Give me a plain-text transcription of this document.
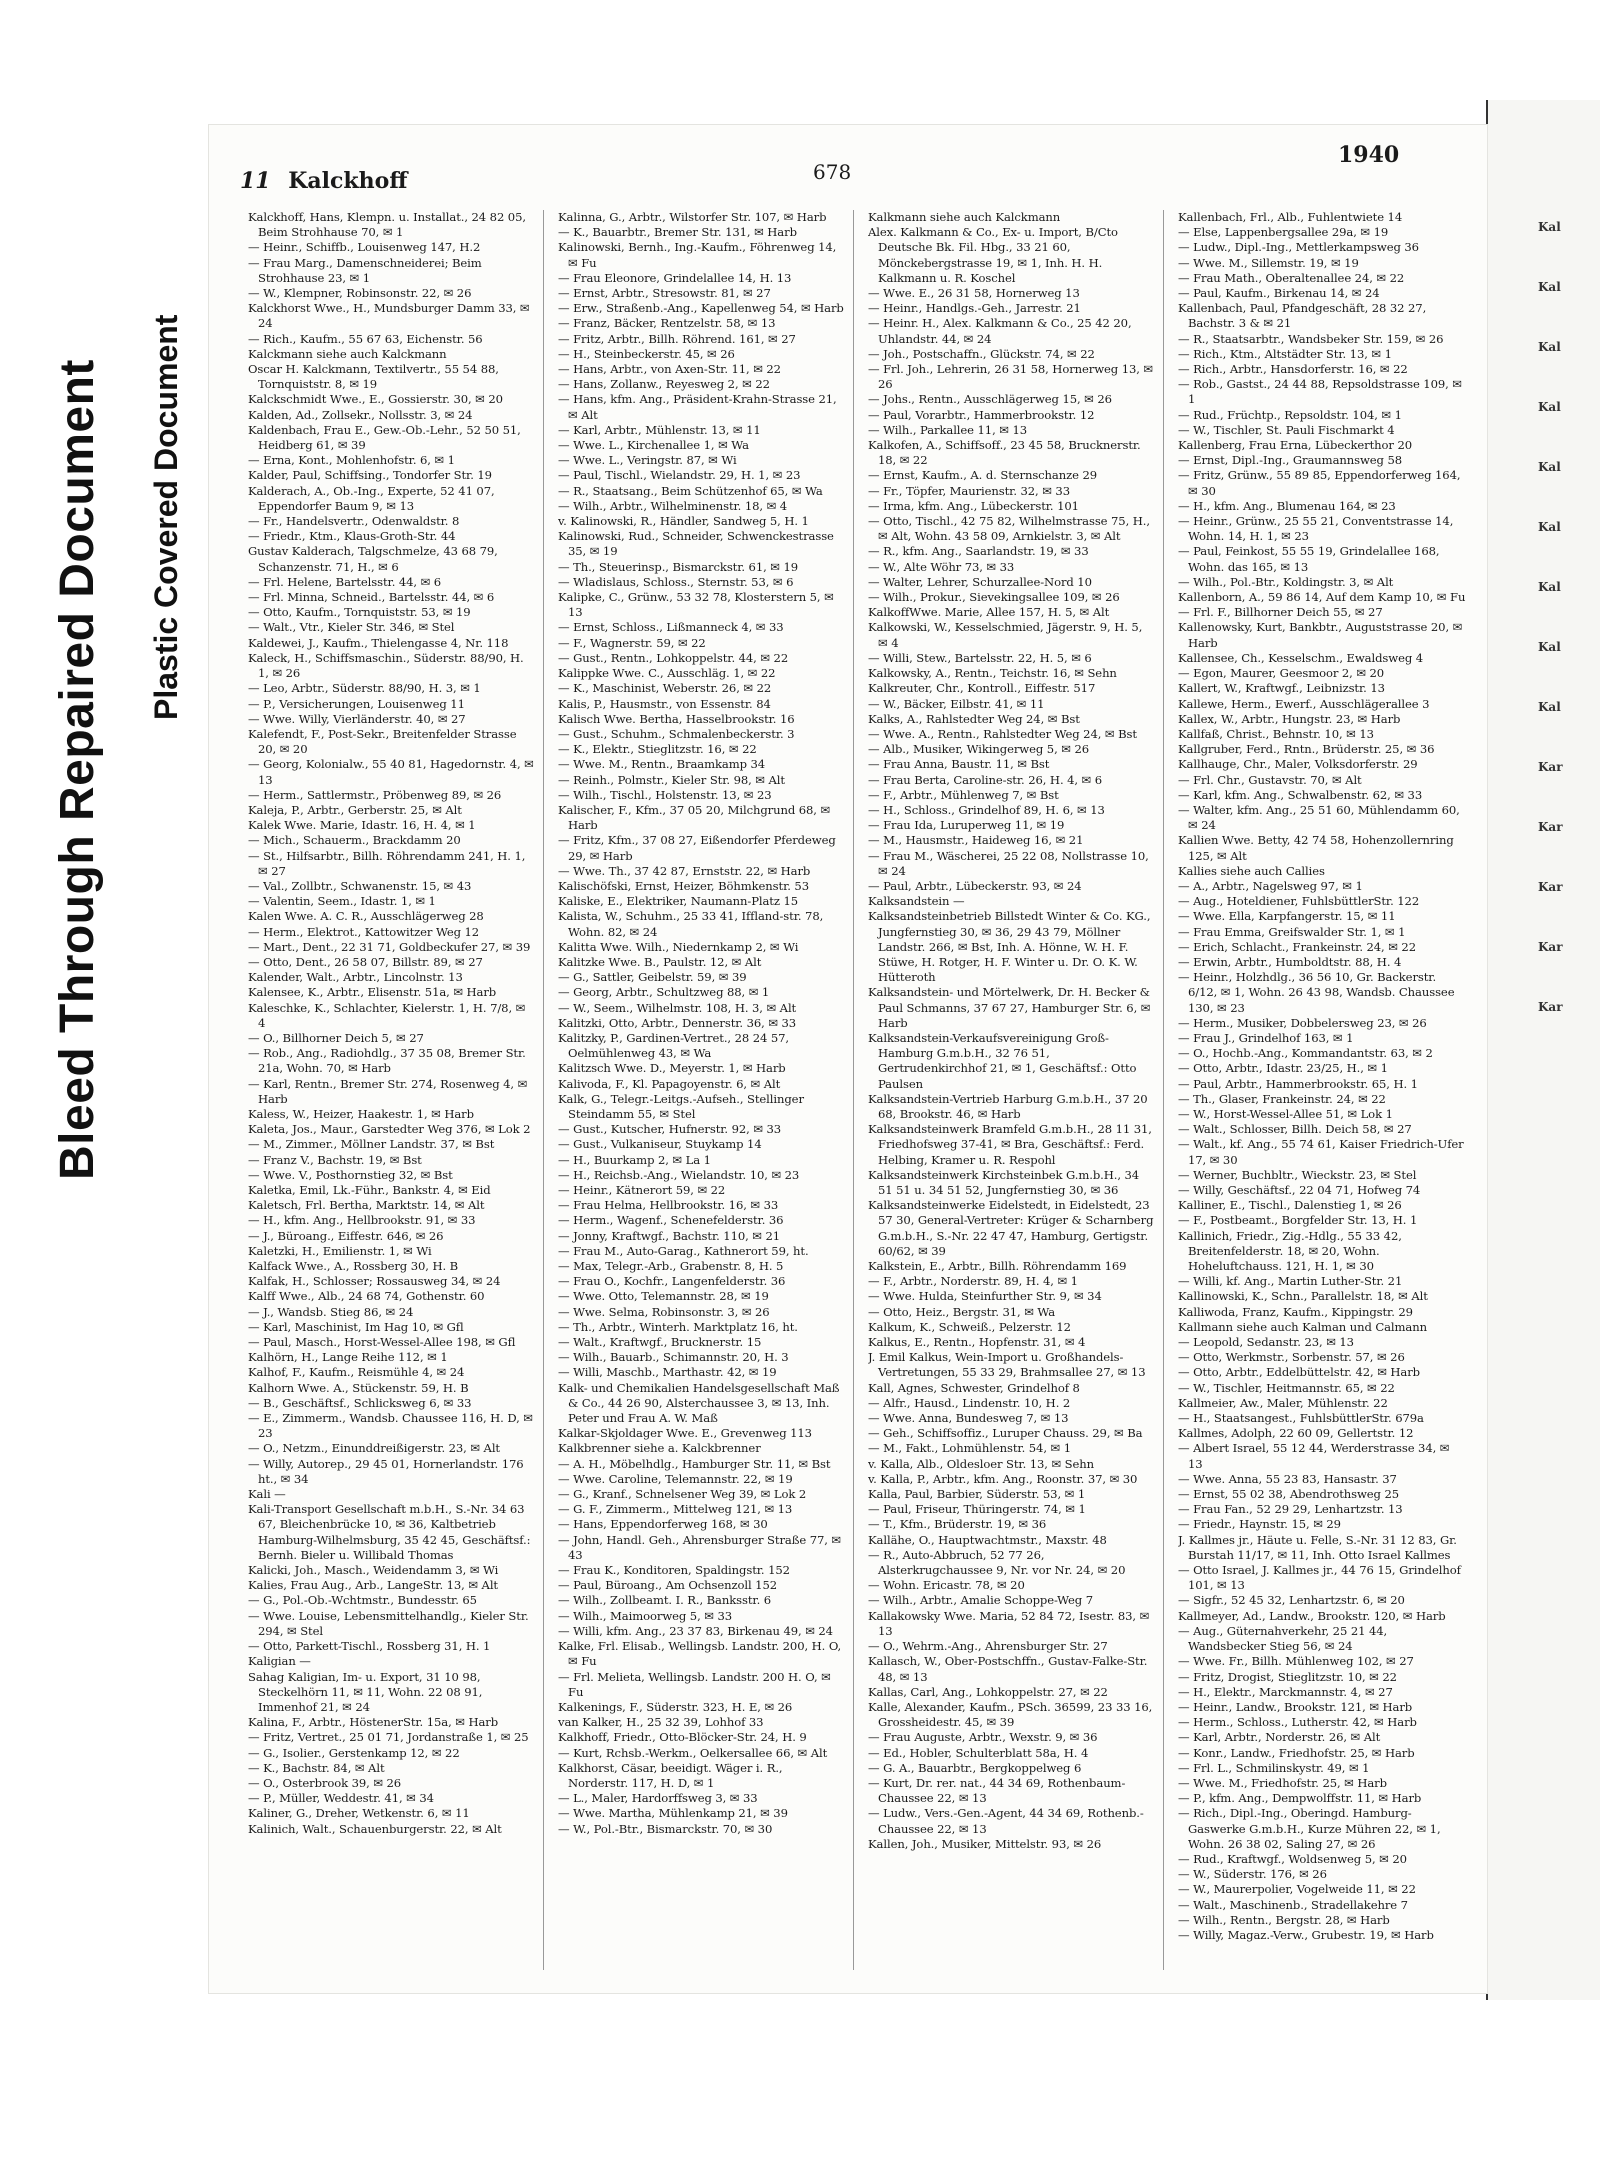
Bleed Through Repaired Document Plastic Covered Document
Kal
Kal
Kal
Kal
Kal
Kal
Kal
Kal
Kal
Kar
Kar
Kar
Kar
Kar
11 Kalckhoff	678
1940

Kalckhoff, Hans, Klempn. u. Installat., 24 82 05, Beim Strohhause 70, ✉ 1

— Heinr., Schiffb., Louisenweg 147, H.2

— Frau Marg., Damenschneiderei; Beim Strohhause 23, ✉ 1

— W., Klempner, Robinsonstr. 22, ✉ 26

Kalckhorst Wwe., H., Mundsburger Damm 33, ✉ 24

— Rich., Kaufm., 55 67 63, Eichenstr. 56

Kalckmann siehe auch Kalckmann

Oscar H. Kalckmann, Textilvertr., 55 54 88, Tornquiststr. 8, ✉ 19

Kalckschmidt Wwe., E., Gossierstr. 30, ✉ 20

Kalden, Ad., Zollsekr., Nollsstr. 3, ✉ 24

Kaldenbach, Frau E., Gew.-Ob.-Lehr., 52 50 51, Heidberg 61, ✉ 39

— Erna, Kont., Mohlenhofstr. 6, ✉ 1

Kalder, Paul, Schiffsing., Tondorfer Str. 19

Kalderach, A., Ob.-Ing., Experte, 52 41 07, Eppendorfer Baum 9, ✉ 13

— Fr., Handelsvertr., Odenwaldstr. 8

— Friedr., Ktm., Klaus-Groth-Str. 44

Gustav Kalderach, Talgschmelze, 43 68 79, Schanzenstr. 71, H., ✉ 6

— Frl. Helene, Bartelsstr. 44, ✉ 6

— Frl. Minna, Schneid., Bartelsstr. 44, ✉ 6

— Otto, Kaufm., Tornquiststr. 53, ✉ 19

— Walt., Vtr., Kieler Str. 346, ✉ Stel

Kaldewei, J., Kaufm., Thielengasse 4, Nr. 118

Kaleck, H., Schiffsmaschin., Süderstr. 88/90, H. 1, ✉ 26

— Leo, Arbtr., Süderstr. 88/90, H. 3, ✉ 1

— P., Versicherungen, Louisenweg 11

— Wwe. Willy, Vierländerstr. 40, ✉ 27

Kalefendt, F., Post-Sekr., Breitenfelder Strasse 20, ✉ 20

— Georg, Kolonialw., 55 40 81, Hagedornstr. 4, ✉ 13

— Herm., Sattlermstr., Pröbenweg 89, ✉ 26

Kaleja, P., Arbtr., Gerberstr. 25, ✉ Alt

Kalek Wwe. Marie, Idastr. 16, H. 4, ✉ 1

— Mich., Schauerm., Brackdamm 20

— St., Hilfsarbtr., Billh. Röhrendamm 241, H. 1, ✉ 27

— Val., Zollbtr., Schwanenstr. 15, ✉ 43

— Valentin, Seem., Idastr. 1, ✉ 1

Kalen Wwe. A. C. R., Ausschlägerweg 28

— Herm., Elektrot., Kattowitzer Weg 12

— Mart., Dent., 22 31 71, Goldbeckufer 27, ✉ 39

— Otto, Dent., 26 58 07, Billstr. 89, ✉ 27

Kalender, Walt., Arbtr., Lincolnstr. 13

Kalensee, K., Arbtr., Elisenstr. 51a, ✉ Harb

Kaleschke, K., Schlachter, Kielerstr. 1, H. 7/8, ✉ 4

— O., Billhorner Deich 5, ✉ 27

— Rob., Ang., Radiohdlg., 37 35 08, Bremer Str. 21a, Wohn. 70, ✉ Harb

— Karl, Rentn., Bremer Str. 274, Rosenweg 4, ✉ Harb

Kaless, W., Heizer, Haakestr. 1, ✉ Harb

Kaleta, Jos., Maur., Garstedter Weg 376, ✉ Lok 2

— M., Zimmer., Möllner Landstr. 37, ✉ Bst

— Franz V., Bachstr. 19, ✉ Bst

— Wwe. V., Posthornstieg 32, ✉ Bst

Kaletka, Emil, Lk.-Führ., Bankstr. 4, ✉ Eid

Kaletsch, Frl. Bertha, Marktstr. 14, ✉ Alt

— H., kfm. Ang., Hellbrookstr. 91, ✉ 33

— J., Büroang., Eiffestr. 646, ✉ 26

Kaletzki, H., Emilienstr. 1, ✉ Wi

Kalfack Wwe., A., Rossberg 30, H. B

Kalfak, H., Schlosser; Rossausweg 34, ✉ 24

Kalff Wwe., Alb., 24 68 74, Gothenstr. 60

— J., Wandsb. Stieg 86, ✉ 24

— Karl, Maschinist, Im Hag 10, ✉ Gfl

— Paul, Masch., Horst-Wessel-Allee 198, ✉ Gfl

Kalhörn, H., Lange Reihe 112, ✉ 1

Kalhof, F., Kaufm., Reismühle 4, ✉ 24

Kalhorn Wwe. A., Stückenstr. 59, H. B

— B., Geschäftsf., Schlicksweg 6, ✉ 33

— E., Zimmerm., Wandsb. Chaussee 116, H. D, ✉ 23

— O., Netzm., Einunddreißigerstr. 23, ✉ Alt

— Willy, Autorep., 29 45 01, Hornerlandstr. 176 ht., ✉ 34

Kali —

Kali-Transport Gesellschaft m.b.H., S.-Nr. 34 63 67, Bleichenbrücke 10, ✉ 36, Kaltbetrieb Hamburg-Wilhelmsburg, 35 42 45, Geschäftsf.: Bernh. Bieler u. Willibald Thomas

Kalicki, Joh., Masch., Weidendamm 3, ✉ Wi

Kalies, Frau Aug., Arb., LangeStr. 13, ✉ Alt

— G., Pol.-Ob.-Wchtmstr., Bundesstr. 65

— Wwe. Louise, Lebensmittelhandlg., Kieler Str. 294, ✉ Stel

— Otto, Parkett-Tischl., Rossberg 31, H. 1

Kaligian —

Sahag Kaligian, Im- u. Export, 31 10 98, Steckelhörn 11, ✉ 11, Wohn. 22 08 91, Immenhof 21, ✉ 24

Kalina, F., Arbtr., HöstenerStr. 15a, ✉ Harb

— Fritz, Vertret., 25 01 71, Jordanstraße 1, ✉ 25

— G., Isolier., Gerstenkamp 12, ✉ 22

— K., Bachstr. 84, ✉ Alt

— O., Osterbrook 39, ✉ 26

— P., Müller, Weddestr. 41, ✉ 34

Kaliner, G., Dreher, Wetkenstr. 6, ✉ 11

Kalinich, Walt., Schauenburgerstr. 22, ✉ Alt

Kalinna, G., Arbtr., Wilstorfer Str. 107, ✉ Harb

— K., Bauarbtr., Bremer Str. 131, ✉ Harb

Kalinowski, Bernh., Ing.-Kaufm., Föhrenweg 14, ✉ Fu

— Frau Eleonore, Grindelallee 14, H. 13

— Ernst, Arbtr., Stresowstr. 81, ✉ 27

— Erw., Straßenb.-Ang., Kapellenweg 54, ✉ Harb

— Franz, Bäcker, Rentzelstr. 58, ✉ 13

— Fritz, Arbtr., Billh. Röhrend. 161, ✉ 27

— H., Steinbeckerstr. 45, ✉ 26

— Hans, Arbtr., von Axen-Str. 11, ✉ 22

— Hans, Zollanw., Reyesweg 2, ✉ 22

— Hans, kfm. Ang., Präsident-Krahn-Strasse 21, ✉ Alt

— Karl, Arbtr., Mühlenstr. 13, ✉ 11

— Wwe. L., Kirchenallee 1, ✉ Wa

— Wwe. L., Veringstr. 87, ✉ Wi

— Paul, Tischl., Wielandstr. 29, H. 1, ✉ 23

— R., Staatsang., Beim Schützenhof 65, ✉ Wa

— Wilh., Arbtr., Wilhelminenstr. 18, ✉ 4

v. Kalinowski, R., Händler, Sandweg 5, H. 1

Kalinowski, Rud., Schneider, Schwenckestrasse 35, ✉ 19

— Th., Steuerinsp., Bismarckstr. 61, ✉ 19

— Wladislaus, Schloss., Sternstr. 53, ✉ 6

Kalipke, C., Grünw., 53 32 78, Klosterstern 5, ✉ 13

— Ernst, Schloss., Lißmanneck 4, ✉ 33

— F., Wagnerstr. 59, ✉ 22

— Gust., Rentn., Lohkoppelstr. 44, ✉ 22

Kalippke Wwe. C., Ausschläg. 1, ✉ 22

— K., Maschinist, Weberstr. 26, ✉ 22

Kalis, P., Hausmstr., von Essenstr. 84

Kalisch Wwe. Bertha, Hasselbrookstr. 16

— Gust., Schuhm., Schmalenbeckerstr. 3

— K., Elektr., Stieglitzstr. 16, ✉ 22

— Wwe. M., Rentn., Braamkamp 34

— Reinh., Polmstr., Kieler Str. 98, ✉ Alt

— Wilh., Tischl., Holstenstr. 13, ✉ 23

Kalischer, F., Kfm., 37 05 20, Milchgrund 68, ✉ Harb

— Fritz, Kfm., 37 08 27, Eißendorfer Pferdeweg 29, ✉ Harb

— Wwe. Th., 37 42 87, Ernststr. 22, ✉ Harb

Kalischöfski, Ernst, Heizer, Böhmkenstr. 53

Kaliske, E., Elektriker, Naumann-Platz 15

Kalista, W., Schuhm., 25 33 41, Iffland-str. 78, Wohn. 82, ✉ 24

Kalitta Wwe. Wilh., Niedernkamp 2, ✉ Wi

Kalitzke Wwe. B., Paulstr. 12, ✉ Alt

— G., Sattler, Geibelstr. 59, ✉ 39

— Georg, Arbtr., Schultzweg 88, ✉ 1

— W., Seem., Wilhelmstr. 108, H. 3, ✉ Alt

Kalitzki, Otto, Arbtr., Dennerstr. 36, ✉ 33

Kalitzky, P., Gardinen-Vertret., 28 24 57, Oelmühlenweg 43, ✉ Wa

Kalitzsch Wwe. D., Meyerstr. 1, ✉ Harb

Kalivoda, F., Kl. Papagoyenstr. 6, ✉ Alt

Kalk, G., Telegr.-Leitgs.-Aufseh., Stellinger Steindamm 55, ✉ Stel

— Gust., Kutscher, Hufnerstr. 92, ✉ 33

— Gust., Vulkaniseur, Stuykamp 14

— H., Buurkamp 2, ✉ La 1

— H., Reichsb.-Ang., Wielandstr. 10, ✉ 23

— Heinr., Kätnerort 59, ✉ 22

— Frau Helma, Hellbrookstr. 16, ✉ 33

— Herm., Wagenf., Schenefelderstr. 36

— Jonny, Kraftwgf., Bachstr. 110, ✉ 21

— Frau M., Auto-Garag., Kathnerort 59, ht.

— Max, Telegr.-Arb., Grabenstr. 8, H. 5

— Frau O., Kochfr., Langenfelderstr. 36

— Wwe. Otto, Telemannstr. 28, ✉ 19

— Wwe. Selma, Robinsonstr. 3, ✉ 26

— Th., Arbtr., Winterh. Marktplatz 16, ht.

— Walt., Kraftwgf., Brucknerstr. 15

— Wilh., Bauarb., Schimannstr. 20, H. 3

— Willi, Maschb., Marthastr. 42, ✉ 19

Kalk- und Chemikalien Handelsgesellschaft Maß & Co., 44 26 90, Alsterchaussee 3, ✉ 13, Inh. Peter und Frau A. W. Maß

Kalkar-Skjoldager Wwe. E., Grevenweg 113

Kalkbrenner siehe a. Kalckbrenner

— A. H., Möbelhdlg., Hamburger Str. 11, ✉ Bst

— Wwe. Caroline, Telemannstr. 22, ✉ 19

— G., Kranf., Schnelsener Weg 39, ✉ Lok 2

— G. F., Zimmerm., Mittelweg 121, ✉ 13

— Hans, Eppendorferweg 168, ✉ 30

— John, Handl. Geh., Ahrensburger Straße 77, ✉ 43

— Frau K., Konditoren, Spaldingstr. 152

— Paul, Büroang., Am Ochsenzoll 152

— Wilh., Zollbeamt. I. R., Banksstr. 6

— Wilh., Maimoorweg 5, ✉ 33

— Willi, kfm. Ang., 23 37 83, Birkenau 49, ✉ 24

Kalke, Frl. Elisab., Wellingsb. Landstr. 200, H. O, ✉ Fu

— Frl. Melieta, Wellingsb. Landstr. 200 H. O, ✉ Fu

Kalkenings, F., Süderstr. 323, H. E, ✉ 26

van Kalker, H., 25 32 39, Lohhof 33

Kalkhoff, Friedr., Otto-Blöcker-Str. 24, H. 9

— Kurt, Rchsb.-Werkm., Oelkersallee 66, ✉ Alt

Kalkhorst, Cäsar, beeidigt. Wäger i. R., Norderstr. 117, H. D, ✉ 1

— L., Maler, Hardorffsweg 3, ✉ 33

— Wwe. Martha, Mühlenkamp 21, ✉ 39

— W., Pol.-Btr., Bismarckstr. 70, ✉ 30

Kalkmann siehe auch Kalckmann

Alex. Kalkmann & Co., Ex- u. Import, B/Cto Deutsche Bk. Fil. Hbg., 33 21 60, Mönckebergstrasse 19, ✉ 1, Inh. H. H. Kalkmann u. R. Koschel

— Wwe. E., 26 31 58, Hornerweg 13

— Heinr., Handlgs.-Geh., Jarrestr. 21

— Heinr. H., Alex. Kalkmann & Co., 25 42 20, Uhlandstr. 44, ✉ 24

— Joh., Postschaffn., Glückstr. 74, ✉ 22

— Frl. Joh., Lehrerin, 26 31 58, Hornerweg 13, ✉ 26

— Johs., Rentn., Ausschlägerweg 15, ✉ 26

— Paul, Vorarbtr., Hammerbrookstr. 12

— Wilh., Parkallee 11, ✉ 13

Kalkofen, A., Schiffsoff., 23 45 58, Brucknerstr. 18, ✉ 22

— Ernst, Kaufm., A. d. Sternschanze 29

— Fr., Töpfer, Maurienstr. 32, ✉ 33

— Irma, kfm. Ang., Lübeckerstr. 101

— Otto, Tischl., 42 75 82, Wilhelmstrasse 75, H., ✉ Alt, Wohn. 43 58 09, Arnkielstr. 3, ✉ Alt

— R., kfm. Ang., Saarlandstr. 19, ✉ 33

— W., Alte Wöhr 73, ✉ 33

— Walter, Lehrer, Schurzallee-Nord 10

— Wilh., Prokur., Sievekingsallee 109, ✉ 26

KalkoffWwe. Marie, Allee 157, H. 5, ✉ Alt

Kalkowski, W., Kesselschmied, Jägerstr. 9, H. 5, ✉ 4

— Willi, Stew., Bartelsstr. 22, H. 5, ✉ 6

Kalkowsky, A., Rentn., Teichstr. 16, ✉ Sehn

Kalkreuter, Chr., Kontroll., Eiffestr. 517

— W., Bäcker, Eilbstr. 41, ✉ 11

Kalks, A., Rahlstedter Weg 24, ✉ Bst

— Wwe. A., Rentn., Rahlstedter Weg 24, ✉ Bst

— Alb., Musiker, Wikingerweg 5, ✉ 26

— Frau Anna, Baustr. 11, ✉ Bst

— Frau Berta, Caroline-str. 26, H. 4, ✉ 6

— F., Arbtr., Mühlenweg 7, ✉ Bst

— H., Schloss., Grindelhof 89, H. 6, ✉ 13

— Frau Ida, Luruperweg 11, ✉ 19

— M., Hausmstr., Haideweg 16, ✉ 21

— Frau M., Wäscherei, 25 22 08, Nollstrasse 10, ✉ 24

— Paul, Arbtr., Lübeckerstr. 93, ✉ 24

Kalksandstein —

Kalksandsteinbetrieb Billstedt Winter & Co. KG., Jungfernstieg 30, ✉ 36, 29 43 79, Möllner Landstr. 266, ✉ Bst, Inh. A. Hönne, W. H. F. Stüwe, H. Rotger, H. F. Winter u. Dr. O. K. W. Hütteroth

Kalksandstein- und Mörtelwerk, Dr. H. Becker & Paul Schmanns, 37 67 27, Hamburger Str. 6, ✉ Harb

Kalksandstein-Verkaufsvereinigung Groß-Hamburg G.m.b.H., 32 76 51, Gertrudenkirchhof 21, ✉ 1, Geschäftsf.: Otto Paulsen

Kalksandstein-Vertrieb Harburg G.m.b.H., 37 20 68, Brookstr. 46, ✉ Harb

Kalksandsteinwerk Bramfeld G.m.b.H., 28 11 31, Friedhofsweg 37-41, ✉ Bra, Geschäftsf.: Ferd. Helbing, Kramer u. R. Respohl

Kalksandsteinwerk Kirchsteinbek G.m.b.H., 34 51 51 u. 34 51 52, Jungfernstieg 30, ✉ 36

Kalksandsteinwerke Eidelstedt, in Eidelstedt, 23 57 30, General-Vertreter: Krüger & Scharnberg G.m.b.H., S.-Nr. 22 47 47, Hamburg, Gertigstr. 60/62, ✉ 39

Kalkstein, E., Arbtr., Billh. Röhrendamm 169

— F., Arbtr., Norderstr. 89, H. 4, ✉ 1

— Wwe. Hulda, Steinfurther Str. 9, ✉ 34

— Otto, Heiz., Bergstr. 31, ✉ Wa

Kalkum, K., Schweiß., Pelzerstr. 12

Kalkus, E., Rentn., Hopfenstr. 31, ✉ 4

J. Emil Kalkus, Wein-Import u. Großhandels-Vertretungen, 55 33 29, Brahmsallee 27, ✉ 13

Kall, Agnes, Schwester, Grindelhof 8

— Alfr., Hausd., Lindenstr. 10, H. 2

— Wwe. Anna, Bundesweg 7, ✉ 13

— Geh., Schiffsoffiz., Luruper Chauss. 29, ✉ Ba

— M., Fakt., Lohmühlenstr. 54, ✉ 1

v. Kalla, Alb., Oldesloer Str. 13, ✉ Sehn

v. Kalla, P., Arbtr., kfm. Ang., Roonstr. 37, ✉ 30

Kalla, Paul, Barbier, Süderstr. 53, ✉ 1

— Paul, Friseur, Thüringerstr. 74, ✉ 1

— T., Kfm., Brüderstr. 19, ✉ 36

Kallähe, O., Hauptwachtmstr., Maxstr. 48

— R., Auto-Abbruch, 52 77 26, Alsterkrugchaussee 9, Nr. vor Nr. 24, ✉ 20

— Wohn. Ericastr. 78, ✉ 20

— Wilh., Arbtr., Amalie Schoppe-Weg 7

Kallakowsky Wwe. Maria, 52 84 72, Isestr. 83, ✉ 13

— O., Wehrm.-Ang., Ahrensburger Str. 27

Kallasch, W., Ober-Postschffn., Gustav-Falke-Str. 48, ✉ 13

Kallas, Carl, Ang., Lohkoppelstr. 27, ✉ 22

Kalle, Alexander, Kaufm., PSch. 36599, 23 33 16, Grossheidestr. 45, ✉ 39

— Frau Auguste, Arbtr., Wexstr. 9, ✉ 36

— Ed., Hobler, Schulterblatt 58a, H. 4

— G. A., Bauarbtr., Bergkoppelweg 6

— Kurt, Dr. rer. nat., 44 34 69, Rothenbaum-Chaussee 22, ✉ 13

— Ludw., Vers.-Gen.-Agent, 44 34 69, Rothenb.-Chaussee 22, ✉ 13

Kallen, Joh., Musiker, Mittelstr. 93, ✉ 26

Kallenbach, Frl., Alb., Fuhlentwiete 14

— Else, Lappenbergsallee 29a, ✉ 19

— Ludw., Dipl.-Ing., Mettlerkampsweg 36

— Wwe. M., Sillemstr. 19, ✉ 19

— Frau Math., Oberaltenallee 24, ✉ 22

— Paul, Kaufm., Birkenau 14, ✉ 24

Kallenbach, Paul, Pfandgeschäft, 28 32 27, Bachstr. 3 & ✉ 21

— R., Staatsarbtr., Wandsbeker Str. 159, ✉ 26

— Rich., Ktm., Altstädter Str. 13, ✉ 1

— Rich., Arbtr., Hansdorferstr. 16, ✉ 22

— Rob., Gastst., 24 44 88, Repsoldstrasse 109, ✉ 1

— Rud., Früchtp., Repsoldstr. 104, ✉ 1

— W., Tischler, St. Pauli Fischmarkt 4

Kallenberg, Frau Erna, Lübeckerthor 20

— Ernst, Dipl.-Ing., Graumannsweg 58

— Fritz, Grünw., 55 89 85, Eppendorferweg 164, ✉ 30

— H., kfm. Ang., Blumenau 164, ✉ 23

— Heinr., Grünw., 25 55 21, Conventstrasse 14, Wohn. 14, H. 1, ✉ 23

— Paul, Feinkost, 55 55 19, Grindelallee 168, Wohn. das 165, ✉ 13

— Wilh., Pol.-Btr., Koldingstr. 3, ✉ Alt

Kallenborn, A., 59 86 14, Auf dem Kamp 10, ✉ Fu

— Frl. F., Billhorner Deich 55, ✉ 27

Kallenowsky, Kurt, Bankbtr., Auguststrasse 20, ✉ Harb

Kallensee, Ch., Kesselschm., Ewaldsweg 4

— Egon, Maurer, Geesmoor 2, ✉ 20

Kallert, W., Kraftwgf., Leibnizstr. 13

Kallewe, Herm., Ewerf., Ausschlägerallee 3

Kallex, W., Arbtr., Hungstr. 23, ✉ Harb

Kallfaß, Christ., Behnstr. 10, ✉ 13

Kallgruber, Ferd., Rntn., Brüderstr. 25, ✉ 36

Kallhauge, Chr., Maler, Volksdorferstr. 29

— Frl. Chr., Gustavstr. 70, ✉ Alt

— Karl, kfm. Ang., Schwalbenstr. 62, ✉ 33

— Walter, kfm. Ang., 25 51 60, Mühlendamm 60, ✉ 24

Kallien Wwe. Betty, 42 74 58, Hohenzollernring 125, ✉ Alt

Kallies siehe auch Callies

— A., Arbtr., Nagelsweg 97, ✉ 1

— Aug., Hoteldiener, FuhlsbüttlerStr. 122

— Wwe. Ella, Karpfangerstr. 15, ✉ 11

— Frau Emma, Greifswalder Str. 1, ✉ 1

— Erich, Schlacht., Frankeinstr. 24, ✉ 22

— Erwin, Arbtr., Humboldtstr. 88, H. 4

— Heinr., Holzhdlg., 36 56 10, Gr. Backerstr. 6/12, ✉ 1, Wohn. 26 43 98, Wandsb. Chaussee 130, ✉ 23

— Herm., Musiker, Dobbelersweg 23, ✉ 26

— Frau J., Grindelhof 163, ✉ 1

— O., Hochb.-Ang., Kommandantstr. 63, ✉ 2

— Otto, Arbtr., Idastr. 23/25, H., ✉ 1

— Paul, Arbtr., Hammerbrookstr. 65, H. 1

— Th., Glaser, Frankeinstr. 24, ✉ 22

— W., Horst-Wessel-Allee 51, ✉ Lok 1

— Walt., Schlosser, Billh. Deich 58, ✉ 27

— Walt., kf. Ang., 55 74 61, Kaiser Friedrich-Ufer 17, ✉ 30

— Werner, Buchbltr., Wieckstr. 23, ✉ Stel

— Willy, Geschäftsf., 22 04 71, Hofweg 74

Kalliner, E., Tischl., Dalenstieg 1, ✉ 26

— F., Postbeamt., Borgfelder Str. 13, H. 1

Kallinich, Friedr., Zig.-Hdlg., 55 33 42, Breitenfelderstr. 18, ✉ 20, Wohn. Hoheluftchauss. 121, H. 1, ✉ 30

— Willi, kf. Ang., Martin Luther-Str. 21

Kallinowski, K., Schn., Parallelstr. 18, ✉ Alt

Kalliwoda, Franz, Kaufm., Kippingstr. 29

Kallmann siehe auch Kalman und Calmann

— Leopold, Sedanstr. 23, ✉ 13

— Otto, Werkmstr., Sorbenstr. 57, ✉ 26

— Otto, Arbtr., Eddelbüttelstr. 42, ✉ Harb

— W., Tischler, Heitmannstr. 65, ✉ 22

Kallmeier, Aw., Maler, Mühlenstr. 22

— H., Staatsangest., FuhlsbüttlerStr. 679a

Kallmes, Adolph, 22 60 09, Gellertstr. 12

— Albert Israel, 55 12 44, Werderstrasse 34, ✉ 13

— Wwe. Anna, 55 23 83, Hansastr. 37

— Ernst, 55 02 38, Abendrothsweg 25

— Frau Fan., 52 29 29, Lenhartzstr. 13

— Friedr., Haynstr. 15, ✉ 29

J. Kallmes jr., Häute u. Felle, S.-Nr. 31 12 83, Gr. Burstah 11/17, ✉ 11, Inh. Otto Israel Kallmes

— Otto Israel, J. Kallmes jr., 44 76 15, Grindelhof 101, ✉ 13

— Sigfr., 52 45 32, Lenhartzstr. 6, ✉ 20

Kallmeyer, Ad., Landw., Brookstr. 120, ✉ Harb

— Aug., Güternahverkehr, 25 21 44, Wandsbecker Stieg 56, ✉ 24

— Wwe. Fr., Billh. Mühlenweg 102, ✉ 27

— Fritz, Drogist, Stieglitzstr. 10, ✉ 22

— H., Elektr., Marckmannstr. 4, ✉ 27

— Heinr., Landw., Brookstr. 121, ✉ Harb

— Herm., Schloss., Lutherstr. 42, ✉ Harb

— Karl, Arbtr., Norderstr. 26, ✉ Alt

— Konr., Landw., Friedhofstr. 25, ✉ Harb

— Frl. L., Schmilinskystr. 49, ✉ 1

— Wwe. M., Friedhofstr. 25, ✉ Harb

— P., kfm. Ang., Dempwolffstr. 11, ✉ Harb

— Rich., Dipl.-Ing., Oberingd. Hamburg-Gaswerke G.m.b.H., Kurze Mühren 22, ✉ 1, Wohn. 26 38 02, Saling 27, ✉ 26

— Rud., Kraftwgf., Woldsenweg 5, ✉ 20

— W., Süderstr. 176, ✉ 26

— W., Maurerpolier, Vogelweide 11, ✉ 22

— Walt., Maschinenb., Stradellakehre 7

— Wilh., Rentn., Bergstr. 28, ✉ Harb

— Willy, Magaz.-Verw., Grubestr. 19, ✉ Harb
